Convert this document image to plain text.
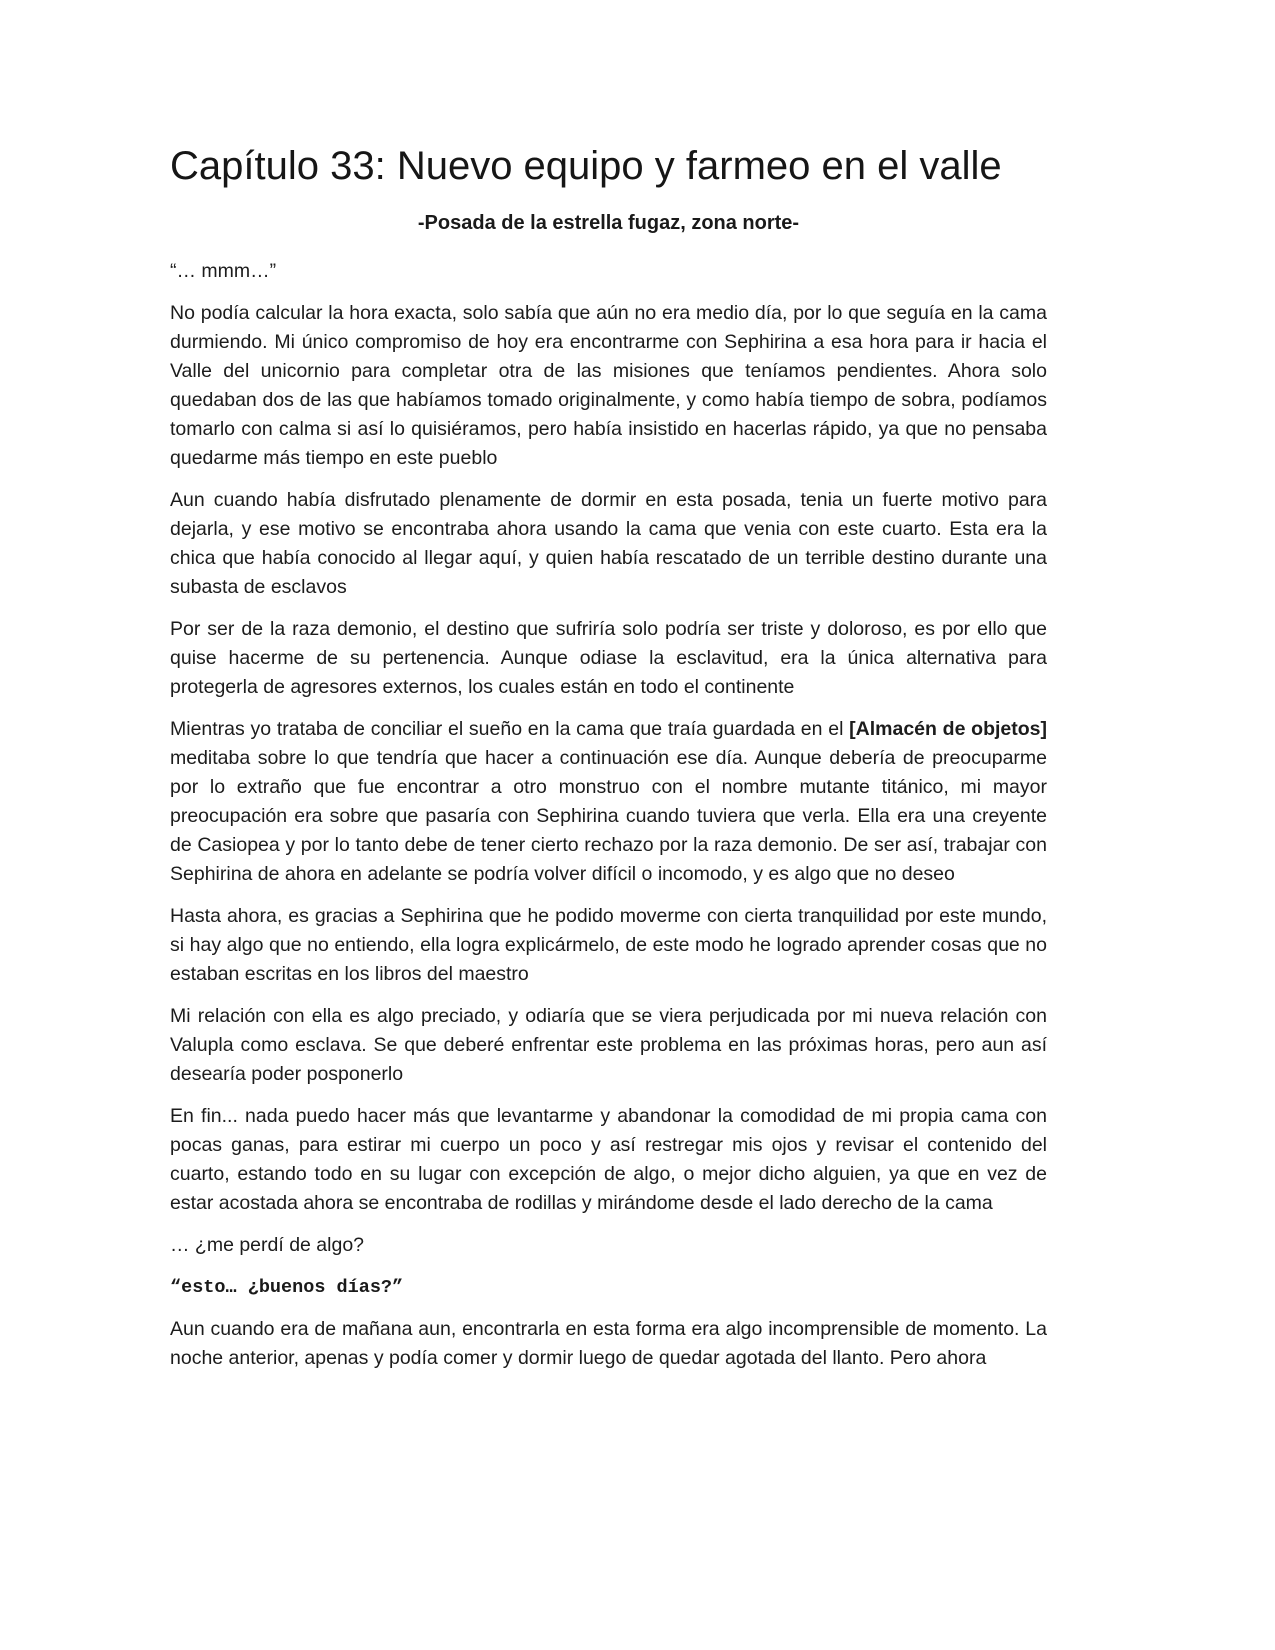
Capítulo 33: Nuevo equipo y farmeo en el valle

-Posada de la estrella fugaz, zona norte-

“… mmm…”

No podía calcular la hora exacta, solo sabía que aún no era medio día, por lo que seguía en la cama durmiendo. Mi único compromiso de hoy era encontrarme con Sephirina a esa hora para ir hacia el Valle del unicornio para completar otra de las misiones que teníamos pendientes. Ahora solo quedaban dos de las que habíamos tomado originalmente, y como había tiempo de sobra, podíamos tomarlo con calma si así lo quisiéramos, pero había insistido en hacerlas rápido, ya que no pensaba quedarme más tiempo en este pueblo

Aun cuando había disfrutado plenamente de dormir en esta posada, tenia un fuerte motivo para dejarla, y ese motivo se encontraba ahora usando la cama que venia con este cuarto. Esta era la chica que había conocido al llegar aquí, y quien había rescatado de un terrible destino durante una subasta de esclavos

Por ser de la raza demonio, el destino que sufriría solo podría ser triste y doloroso, es por ello que quise hacerme de su pertenencia. Aunque odiase la esclavitud, era la única alternativa para protegerla de agresores externos, los cuales están en todo el continente

Mientras yo trataba de conciliar el sueño en la cama que traía guardada en el [Almacén de objetos] meditaba sobre lo que tendría que hacer a continuación ese día. Aunque debería de preocuparme por lo extraño que fue encontrar a otro monstruo con el nombre mutante titánico, mi mayor preocupación era sobre que pasaría con Sephirina cuando tuviera que verla. Ella era una creyente de Casiopea y por lo tanto debe de tener cierto rechazo por la raza demonio. De ser así, trabajar con Sephirina de ahora en adelante se podría volver difícil o incomodo, y es algo que no deseo

Hasta ahora, es gracias a Sephirina que he podido moverme con cierta tranquilidad por este mundo, si hay algo que no entiendo, ella logra explicármelo, de este modo he logrado aprender cosas que no estaban escritas en los libros del maestro

Mi relación con ella es algo preciado, y odiaría que se viera perjudicada por mi nueva relación con Valupla como esclava. Se que deberé enfrentar este problema en las próximas horas, pero aun así desearía poder posponerlo

En fin... nada puedo hacer más que levantarme y abandonar la comodidad de mi propia cama con pocas ganas, para estirar mi cuerpo un poco y así restregar mis ojos y revisar el contenido del cuarto, estando todo en su lugar con excepción de algo, o mejor dicho alguien, ya que en vez de estar acostada ahora se encontraba de rodillas y mirándome desde el lado derecho de la cama

… ¿me perdí de algo?

“esto… ¿buenos días?”

Aun cuando era de mañana aun, encontrarla en esta forma era algo incomprensible de momento. La noche anterior, apenas y podía comer y dormir luego de quedar agotada del llanto. Pero ahora
